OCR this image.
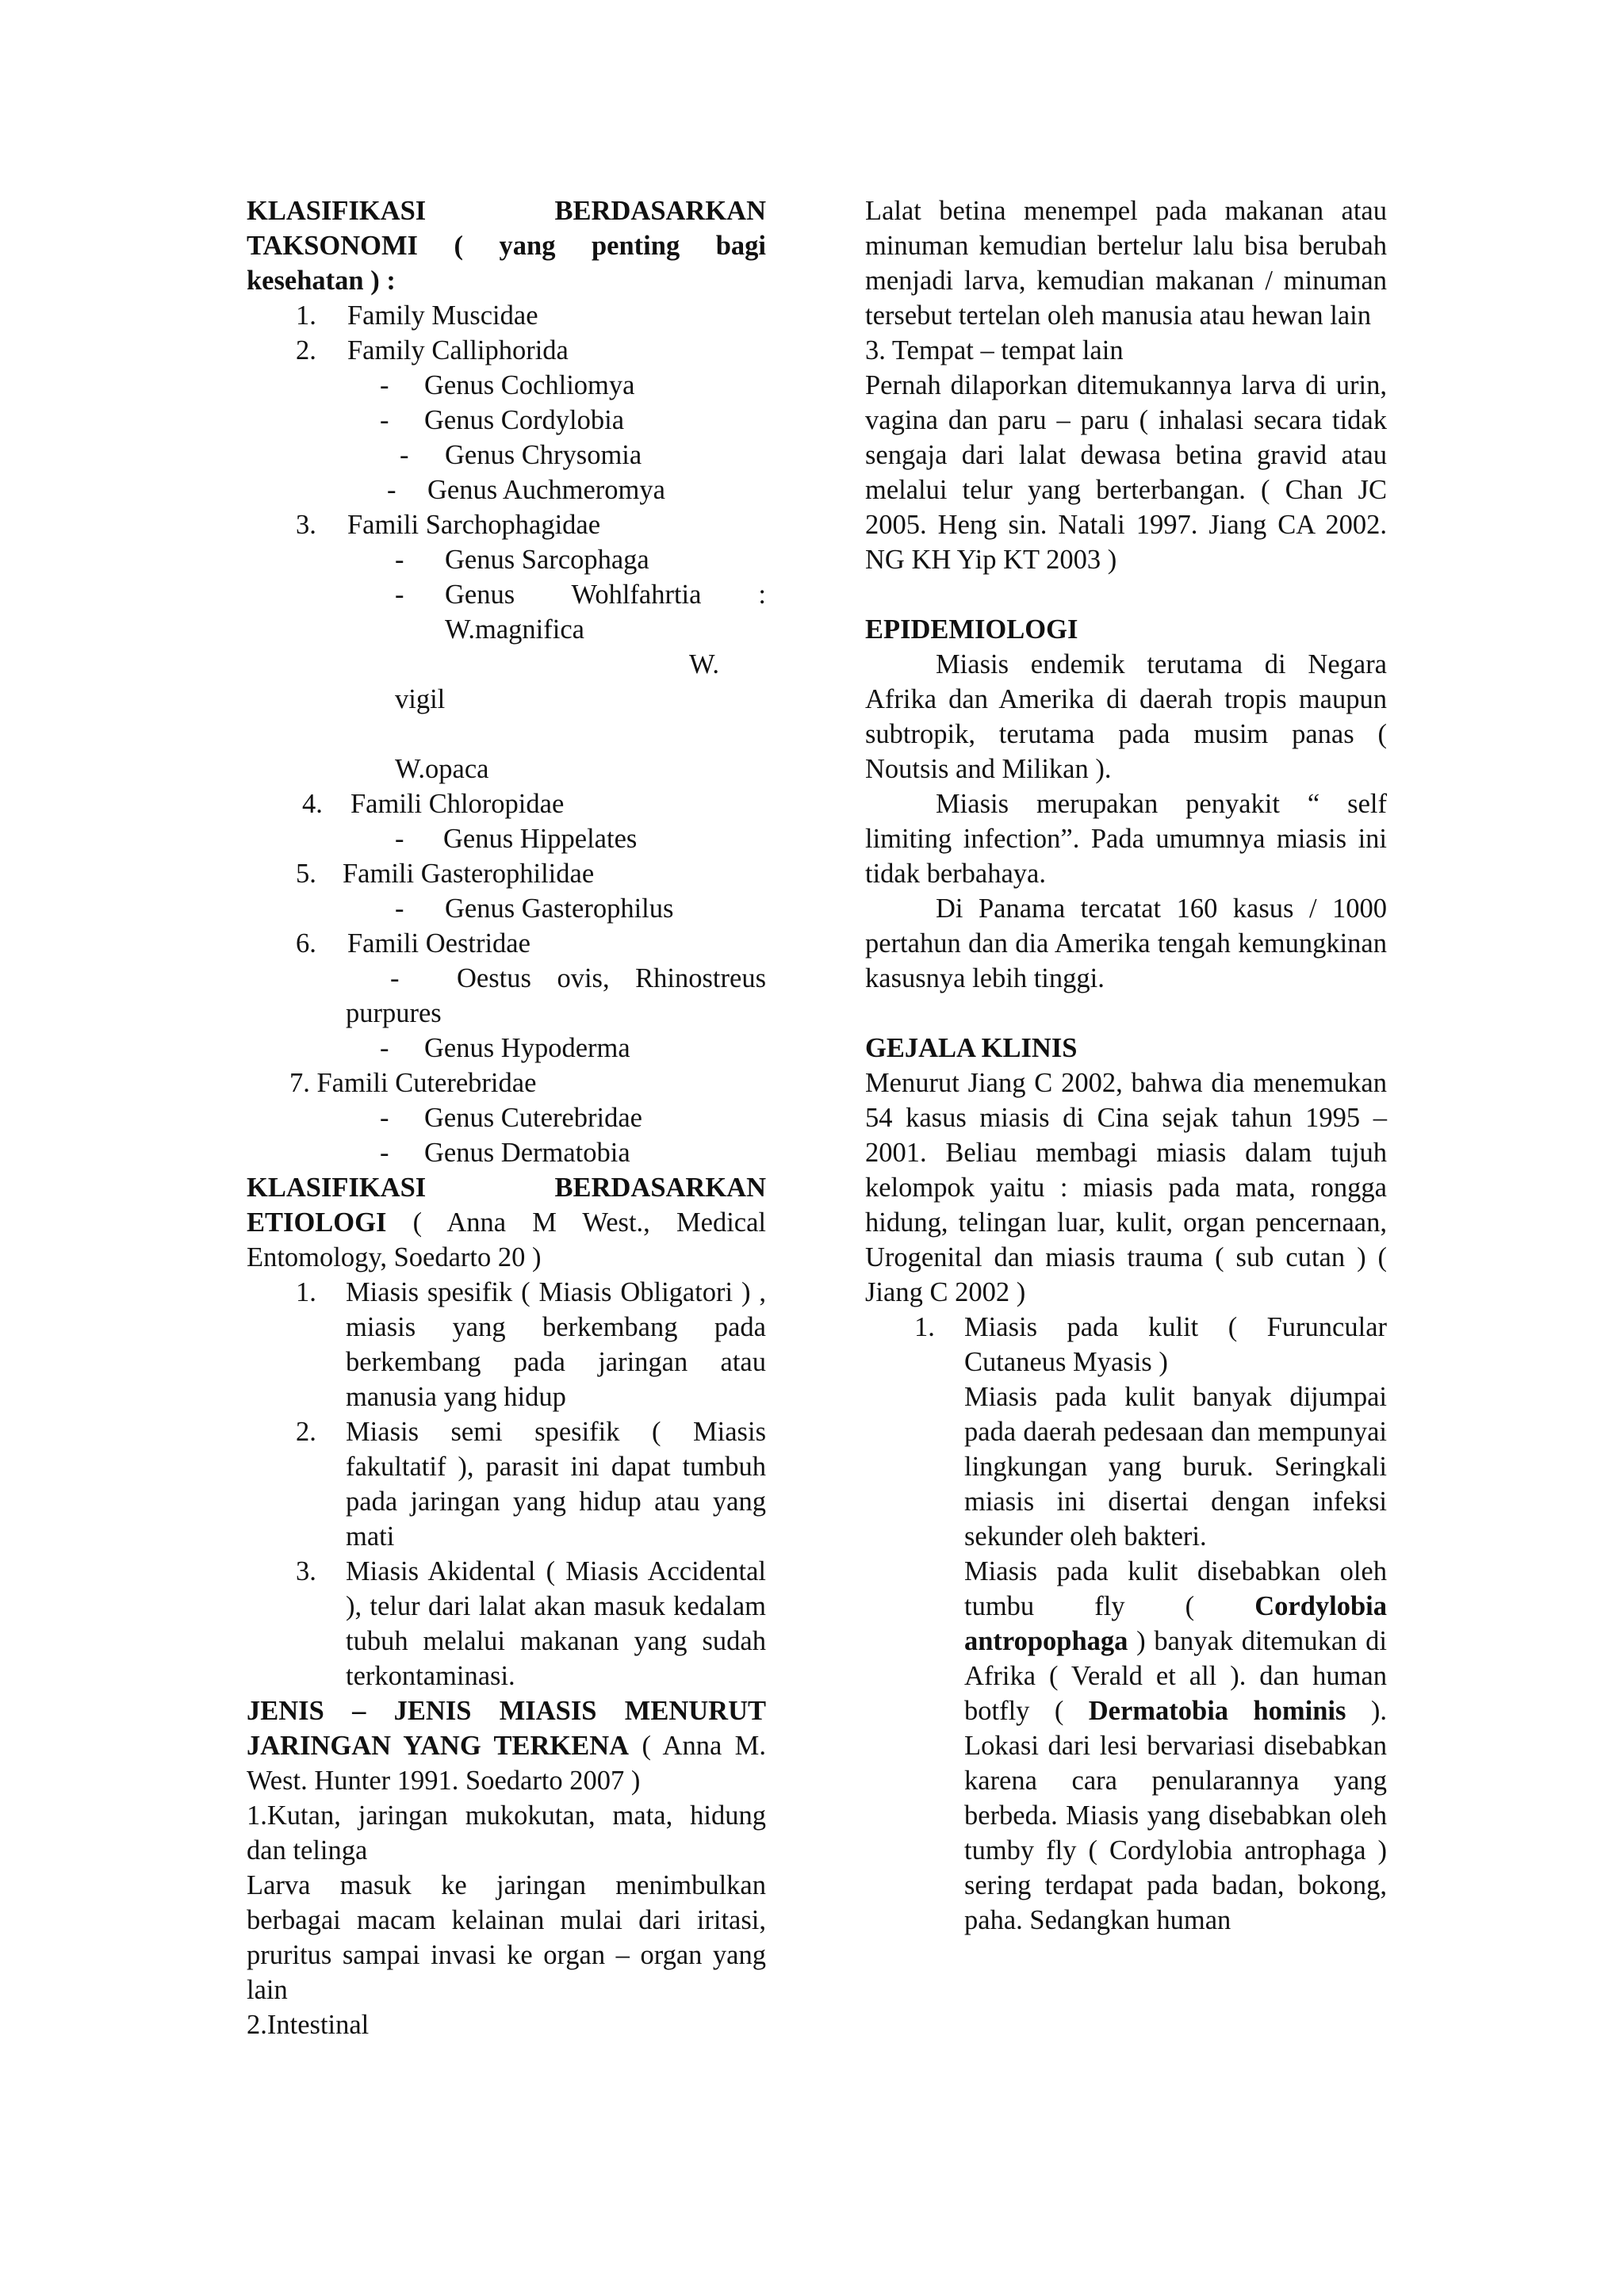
KLASIFIKASI BERDASARKAN TAKSONOMI ( yang penting bagi

kesehatan ) :

1. Family Muscidae
2. Family Calliphorida
- Genus Cochliomya
- Genus Cordylobia
- Genus Chrysomia
- Genus Auchmeromya
3. Famili Sarchophagidae
- Genus Sarcophaga
- Genus Wohlfahrtia :
W.magnifica
W.
vigil
W.opaca
4. Famili Chloropidae
- Genus Hippelates
5. Famili Gasterophilidae
- Genus Gasterophilus
6. Famili Oestridae
- Oestus ovis, Rhinostreus
purpures
- Genus Hypoderma
7. Famili Cuterebridae
- Genus Cuterebridae
- Genus Dermatobia

KLASIFIKASI BERDASARKAN

ETIOLOGI ( Anna M West., Medical Entomology, Soedarto 20 )

1. Miasis spesifik ( Miasis Obligatori ) , miasis yang berkembang pada berkembang pada jaringan atau manusia yang hidup
2. Miasis semi spesifik ( Miasis fakultatif ), parasit ini dapat tumbuh pada jaringan yang hidup atau yang mati
3. Miasis Akidental ( Miasis Accidental ), telur dari lalat akan masuk kedalam tubuh melalui makanan yang sudah terkontaminasi.

JENIS – JENIS MIASIS MENURUT JARINGAN YANG TERKENA ( Anna M. West. Hunter 1991. Soedarto 2007 )

1.Kutan, jaringan mukokutan, mata, hidung dan telinga

Larva masuk ke jaringan menimbulkan berbagai macam kelainan mulai dari iritasi, pruritus sampai invasi ke organ – organ yang lain

2.Intestinal

Lalat betina menempel pada makanan atau minuman kemudian bertelur lalu bisa berubah menjadi larva, kemudian makanan / minuman tersebut tertelan oleh manusia atau hewan lain

3. Tempat – tempat lain

Pernah dilaporkan ditemukannya larva di urin, vagina dan paru – paru ( inhalasi secara tidak sengaja dari lalat dewasa betina gravid atau melalui telur yang berterbangan. ( Chan JC 2005. Heng sin. Natali 1997. Jiang CA 2002. NG KH Yip KT 2003 )

EPIDEMIOLOGI

Miasis endemik terutama di Negara Afrika dan Amerika di daerah tropis maupun subtropik, terutama pada musim panas ( Noutsis and Milikan ).

Miasis merupakan penyakit “ self limiting infection”. Pada umumnya miasis ini tidak berbahaya.

Di Panama tercatat 160 kasus / 1000 pertahun dan dia Amerika tengah kemungkinan kasusnya lebih tinggi.

GEJALA KLINIS

Menurut Jiang C 2002, bahwa dia menemukan 54 kasus miasis di Cina sejak tahun 1995 – 2001. Beliau membagi miasis dalam tujuh kelompok yaitu : miasis pada mata, rongga hidung, telingan luar, kulit, organ pencernaan, Urogenital dan miasis trauma ( sub cutan ) ( Jiang C 2002 )

1. Miasis pada kulit ( Furuncular Cutaneus Myasis )

Miasis pada kulit banyak dijumpai pada daerah pedesaan dan mempunyai lingkungan yang buruk. Seringkali miasis ini disertai dengan infeksi sekunder oleh bakteri.

Miasis pada kulit disebabkan oleh tumbu fly ( Cordylobia antropophaga ) banyak ditemukan di Afrika ( Verald et all ). dan human botfly ( Dermatobia hominis ). Lokasi dari lesi bervariasi disebabkan karena cara penularannya yang berbeda. Miasis yang disebabkan oleh tumby fly ( Cordylobia antrophaga ) sering terdapat pada badan, bokong, paha. Sedangkan human
